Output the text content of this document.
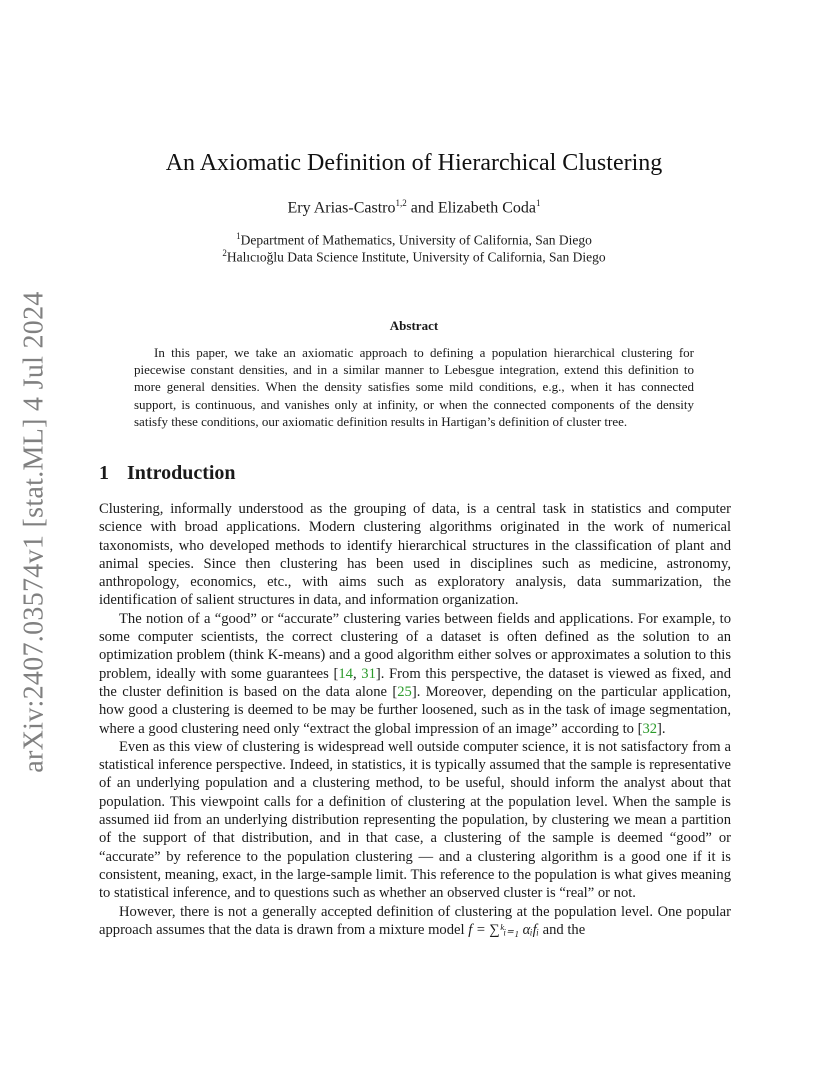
arXiv:2407.03574v1 [stat.ML] 4 Jul 2024
An Axiomatic Definition of Hierarchical Clustering
Ery Arias-Castro$^{1,2}$ and Elizabeth Coda$^1$
$^1$Department of Mathematics, University of California, San Diego
$^2$Halıcıoğlu Data Science Institute, University of California, San Diego
Abstract
In this paper, we take an axiomatic approach to defining a population hierarchical clustering for piecewise constant densities, and in a similar manner to Lebesgue integration, extend this definition to more general densities. When the density satisfies some mild conditions, e.g., when it has connected support, is continuous, and vanishes only at infinity, or when the connected components of the density satisfy these conditions, our axiomatic definition results in Hartigan’s definition of cluster tree.
1 Introduction

Clustering, informally understood as the grouping of data, is a central task in statistics and computer science with broad applications. Modern clustering algorithms originated in the work of numerical taxonomists, who developed methods to identify hierarchical structures in the classification of plant and animal species. Since then clustering has been used in disciplines such as medicine, astronomy, anthropology, economics, etc., with aims such as exploratory analysis, data summarization, the identification of salient structures in data, and information organization.

The notion of a “good” or “accurate” clustering varies between fields and applications. For example, to some computer scientists, the correct clustering of a dataset is often defined as the solution to an optimization problem (think K-means) and a good algorithm either solves or approximates a solution to this problem, ideally with some guarantees [14, 31]. From this perspective, the dataset is viewed as fixed, and the cluster definition is based on the data alone [25]. Moreover, depending on the particular application, how good a clustering is deemed to be may be further loosened, such as in the task of image segmentation, where a good clustering need only “extract the global impression of an image” according to [32].

Even as this view of clustering is widespread well outside computer science, it is not satisfactory from a statistical inference perspective. Indeed, in statistics, it is typically assumed that the sample is representative of an underlying population and a clustering method, to be useful, should inform the analyst about that population. This viewpoint calls for a definition of clustering at the population level. When the sample is assumed iid from an underlying distribution representing the population, by clustering we mean a partition of the support of that distribution, and in that case, a clustering of the sample is deemed “good” or “accurate” by reference to the population clustering — and a clustering algorithm is a good one if it is consistent, meaning, exact, in the large-sample limit. This reference to the population is what gives meaning to statistical inference, and to questions such as whether an observed cluster is “real” or not.

However, there is not a generally accepted definition of clustering at the population level. One popular approach assumes that the data is drawn from a mixture model f = ∑ᵏᵢ₌₁ αᵢfᵢ and the
